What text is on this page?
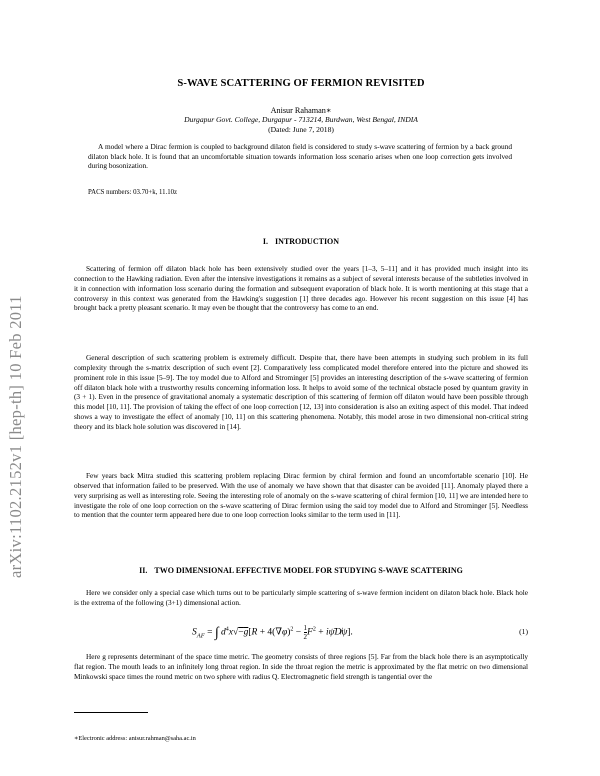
arXiv:1102.2152v1 [hep-th] 10 Feb 2011
S-WAVE SCATTERING OF FERMION REVISITED
Anisur Rahaman∗
Durgapur Govt. College, Durgapur - 713214, Burdwan, West Bengal, INDIA
(Dated: June 7, 2018)
A model where a Dirac fermion is coupled to background dilaton field is considered to study s-wave scattering of fermion by a back ground dilaton black hole. It is found that an uncomfortable situation towards information loss scenario arises when one loop correction gets involved during bosonization.
PACS numbers: 03.70+k, 11.10z
I. INTRODUCTION
Scattering of fermion off dilaton black hole has been extensively studied over the years [1–3, 5–11] and it has provided much insight into its connection to the Hawking radiation. Even after the intensive investigations it remains as a subject of several interests because of the subtleties involved in it in connection with information loss scenario during the formation and subsequent evaporation of black hole. It is worth mentioning at this stage that a controversy in this context was generated from the Hawking's suggestion [1] three decades ago. However his recent suggestion on this issue [4] has brought back a pretty pleasant scenario. It may even be thought that the controversy has come to an end.
General description of such scattering problem is extremely difficult. Despite that, there have been attempts in studying such problem in its full complexity through the s-matrix description of such event [2]. Comparatively less complicated model therefore entered into the picture and showed its prominent role in this issue [5–9]. The toy model due to Alford and Strominger [5] provides an interesting description of the s-wave scattering of fermion off dilaton black hole with a trustworthy results concerning information loss. It helps to avoid some of the technical obstacle posed by quantum gravity in (3 + 1). Even in the presence of gravitational anomaly a systematic description of this scattering of fermion off dilaton would have been possible through this model [10, 11]. The provision of taking the effect of one loop correction [12, 13] into consideration is also an exiting aspect of this model. That indeed shows a way to investigate the effect of anomaly [10, 11] on this scattering phenomena. Notably, this model arose in two dimensional non-critical string theory and its black hole solution was discovered in [14].
Few years back Mitra studied this scattering problem replacing Dirac fermion by chiral fermion and found an uncomfortable scenario [10]. He observed that information failed to be preserved. With the use of anomaly we have shown that that disaster can be avoided [11]. Anomaly played there a very surprising as well as interesting role. Seeing the interesting role of anomaly on the s-wave scattering of chiral fermion [10, 11] we are intended here to investigate the role of one loop correction on the s-wave scattering of Dirac fermion using the said toy model due to Alford and Strominger [5]. Needless to mention that the counter term appeared here due to one loop correction looks similar to the term used in [11].
II. TWO DIMENSIONAL EFFECTIVE MODEL FOR STUDYING S-WAVE SCATTERING
Here we consider only a special case which turns out to be particularly simple scattering of s-wave fermion incident on dilaton black hole. Black hole is the extrema of the following (3+1) dimensional action.
$S_{AF}$ = ∫ $d^4x√-g[R + 4(\nabla\varphi)^2 - \frac{1}{2} F^2$ + iψ̄D̸ψ].	(1)
Here g represents determinant of the space time metric. The geometry consists of three regions [5]. Far from the black hole there is an asymptotically flat region. The mouth leads to an infinitely long throat region. In side the throat region the metric is approximated by the flat metric on two dimensional Minkowski space times the round metric on two sphere with radius Q. Electromagnetic field strength is tangential over the
∗Electronic address: anisur.rahman@saha.ac.in
